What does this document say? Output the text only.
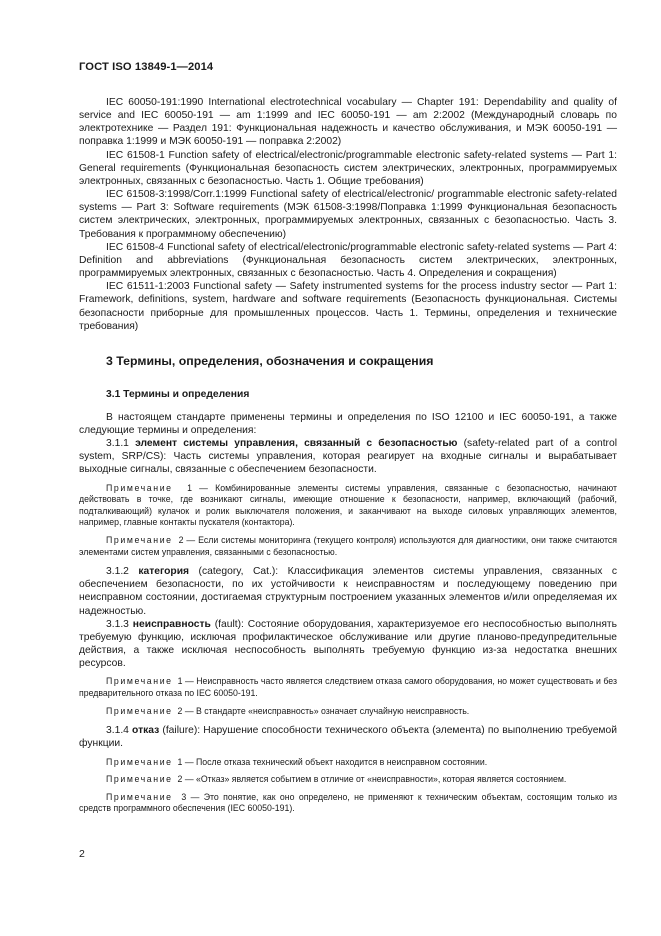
ГОСТ ISO 13849-1—2014

IEC 60050-191:1990 International electrotechnical vocabulary — Chapter 191: Dependability and quality of service and IEC 60050-191 — am 1:1999 and IEC 60050-191 — am 2:2002 (Международный словарь по электротехнике — Раздел 191: Функциональная надежность и качество обслуживания, и МЭК 60050-191 — поправка 1:1999 и МЭК 60050-191 — поправка 2:2002)

IEC 61508-1 Function safety of electrical/electronic/programmable electronic safety-related systems — Part 1: General requirements (Функциональная безопасность систем электрических, электронных, программируемых электронных, связанных с безопасностью. Часть 1. Общие требования)

IEC 61508-3:1998/Corr.1:1999 Functional safety of electrical/electronic/ programmable electronic safety-related systems — Part 3: Software requirements (МЭК 61508-3:1998/Поправка 1:1999 Функциональная безопасность систем электрических, электронных, программируемых электронных, связанных с безопасностью. Часть 3. Требования к программному обеспечению)

IEC 61508-4 Functional safety of electrical/electronic/programmable electronic safety-related systems — Part 4: Definition and abbreviations (Функциональная безопасность систем электрических, электронных, программируемых электронных, связанных с безопасностью. Часть 4. Определения и сокращения)

IEC 61511-1:2003 Functional safety — Safety instrumented systems for the process industry sector — Part 1: Framework, definitions, system, hardware and software requirements (Безопасность функциональная. Системы безопасности приборные для промышленных процессов. Часть 1. Термины, определения и технические требования)

3 Термины, определения, обозначения и сокращения
3.1 Термины и определения

В настоящем стандарте применены термины и определения по ISO 12100 и IEC 60050-191, а также следующие термины и определения:

3.1.1 элемент системы управления, связанный с безопасностью (safety-related part of a control system, SRP/CS): Часть системы управления, которая реагирует на входные сигналы и вырабатывает выходные сигналы, связанные с обеспечением безопасности.

Примечание 1 — Комбинированные элементы системы управления, связанные с безопасностью, начинают действовать в точке, где возникают сигналы, имеющие отношение к безопасности, например, включающий (рабочий, подталкивающий) кулачок и ролик выключателя положения, и заканчивают на выходе силовых управляющих элементов, например, главные контакты пускателя (контактора).

Примечание 2 — Если системы мониторинга (текущего контроля) используются для диагностики, они также считаются элементами систем управления, связанными с безопасностью.

3.1.2 категория (category, Cat.): Классификация элементов системы управления, связанных с обеспечением безопасности, по их устойчивости к неисправностям и последующему поведению при неисправном состоянии, достигаемая структурным построением указанных элементов и/или определяемая их надежностью.

3.1.3 неисправность (fault): Состояние оборудования, характеризуемое его неспособностью выполнять требуемую функцию, исключая профилактическое обслуживание или другие планово-предупредительные действия, а также исключая неспособность выполнять требуемую функцию из-за недостатка внешних ресурсов.

Примечание 1 — Неисправность часто является следствием отказа самого оборудования, но может существовать и без предварительного отказа по IEC 60050-191.

Примечание 2 — В стандарте «неисправность» означает случайную неисправность.

3.1.4 отказ (failure): Нарушение способности технического объекта (элемента) по выполнению требуемой функции.

Примечание 1 — После отказа технический объект находится в неисправном состоянии.

Примечание 2 — «Отказ» является событием в отличие от «неисправности», которая является состоянием.

Примечание 3 — Это понятие, как оно определено, не применяют к техническим объектам, состоящим только из средств программного обеспечения (IEC 60050-191).

2
